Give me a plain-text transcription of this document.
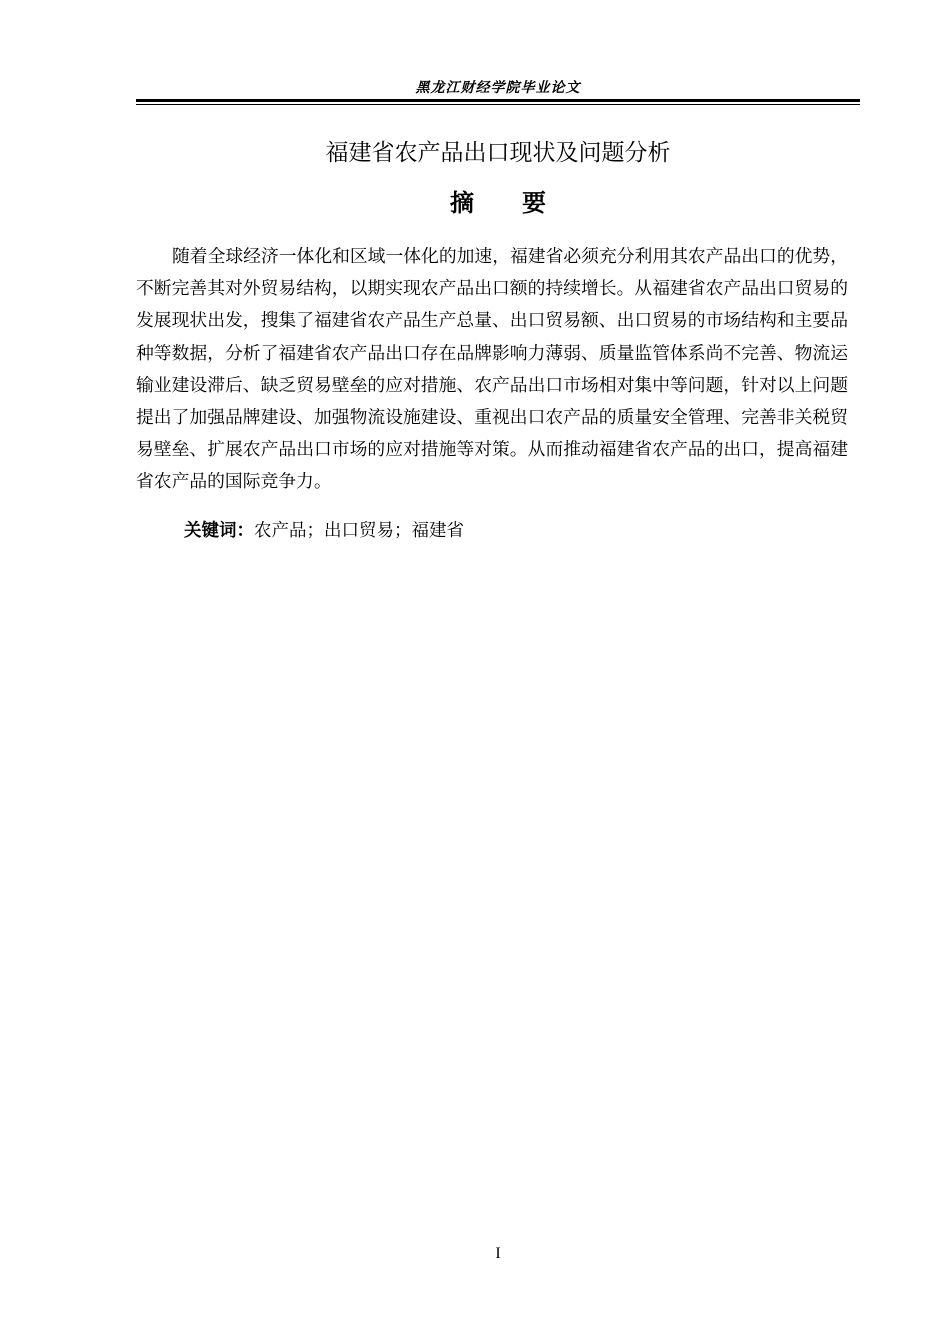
黑龙江财经学院毕业论文
福建省农产品出口现状及问题分析
摘 要

随着全球经济一体化和区域一体化的加速，福建省必须充分利用其农产品出口的优势，不断完善其对外贸易结构，以期实现农产品出口额的持续增长。从福建省农产品出口贸易的发展现状出发，搜集了福建省农产品生产总量、出口贸易额、出口贸易的市场结构和主要品种等数据，分析了福建省农产品出口存在品牌影响力薄弱、质量监管体系尚不完善、物流运输业建设滞后、缺乏贸易壁垒的应对措施、农产品出口市场相对集中等问题，针对以上问题提出了加强品牌建设、加强物流设施建设、重视出口农产品的质量安全管理、完善非关税贸易壁垒、扩展农产品出口市场的应对措施等对策。从而推动福建省农产品的出口，提高福建省农产品的国际竞争力。

关键词：农产品；出口贸易；福建省
I
